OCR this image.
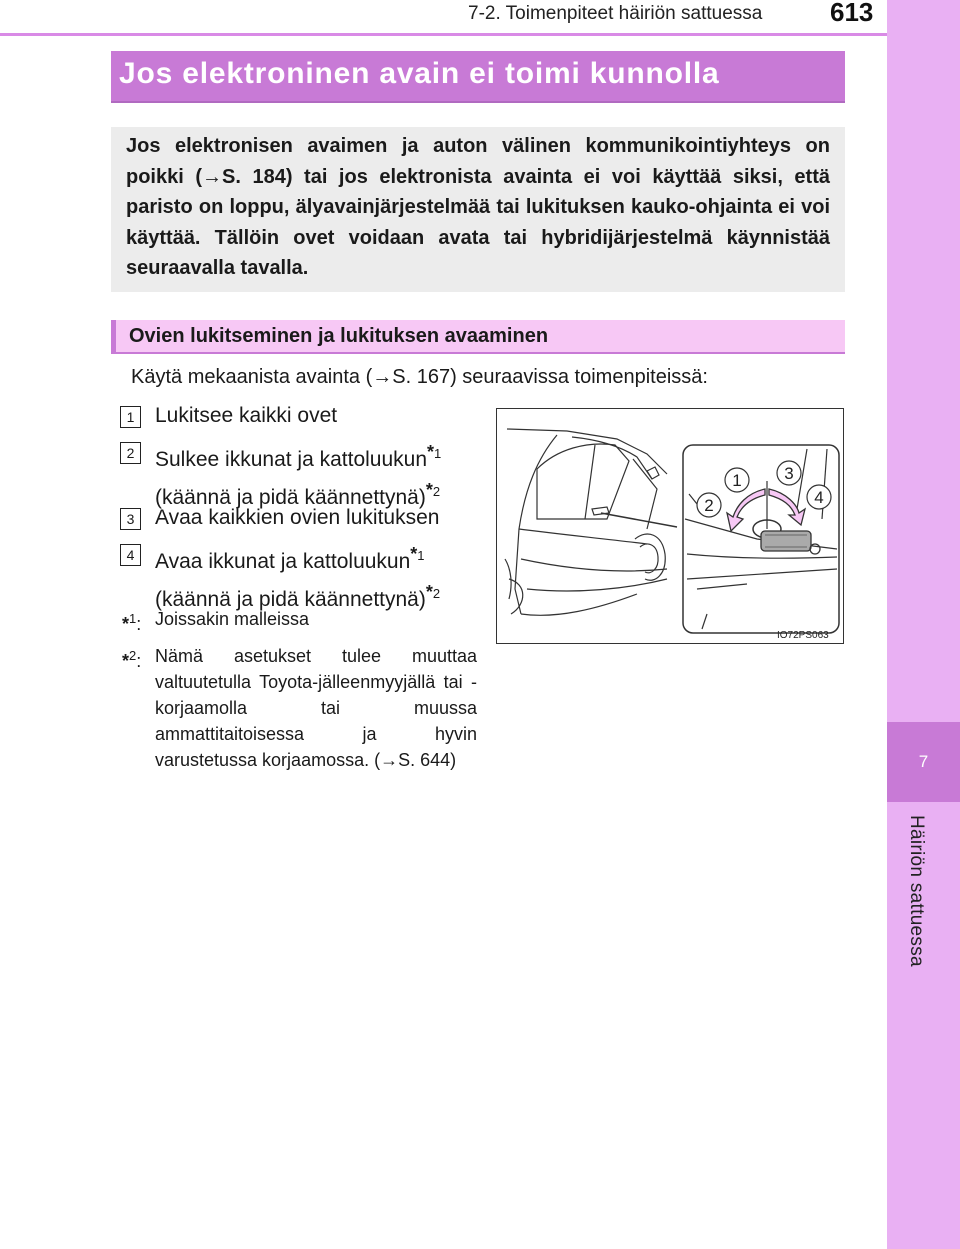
7
Häiriön sattuessa
7-2. Toimenpiteet häiriön sattuessa	613
Jos elektroninen avain ei toimi kunnolla

Jos elektronisen avaimen ja auton välinen kommunikointiyhteys on poikki (→S. 184) tai jos elektronista avainta ei voi käyttää siksi, että paristo on loppu, älyavainjärjestelmää tai lukituksen kauko-ohjainta ei voi käyttää. Tällöin ovet voidaan avata tai hybridijärjestelmä käynnistää seuraavalla tavalla.

Ovien lukitseminen ja lukituksen avaaminen
Käytä mekaanista avainta (→S. 167) seuraavissa toimenpiteissä:
1 Lukitsee kaikki ovet
2 Sulkee ikkunat ja kattoluukun$^{*1}$
(käännä ja pidä käännettynä)$^{*2}$
3 Avaa kaikkien ovien lukituksen
4 Avaa ikkunat ja kattoluukun$^{*1}$
(käännä ja pidä käännettynä)$^{*2}$
*$^1$: Joissakin malleissa
*$^2$: Nämä asetukset tulee muuttaa valtuutetulla Toyota-jälleenmyyjällä tai -korjaamolla tai muussa ammattitaitoisessa ja hyvin varustetussa korjaamossa. (→S. 644)
1
2
3
4
IO72PS063
